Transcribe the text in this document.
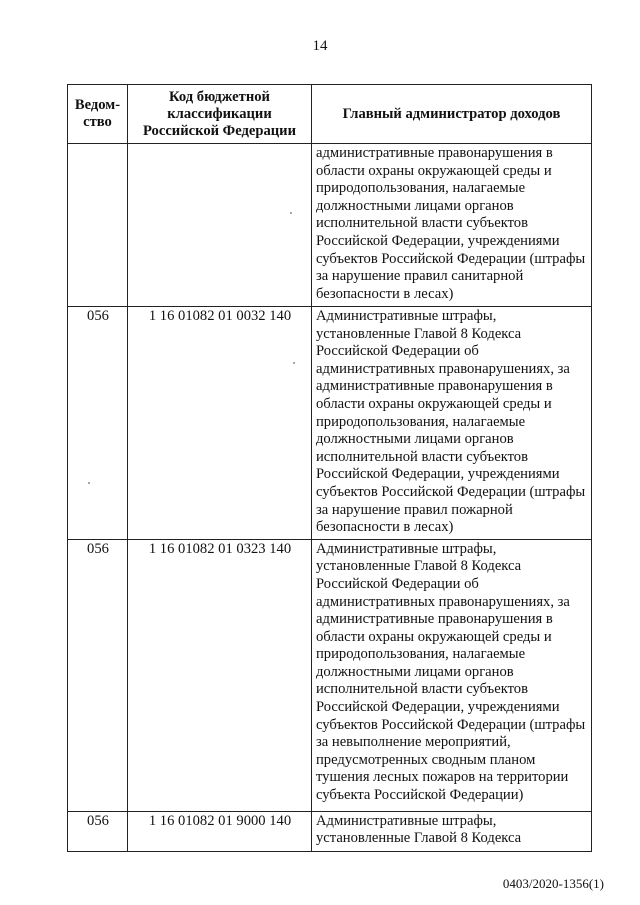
14
Ведом-ство	Код бюджетной классификации Российской Федерации	Главный администратор доходов
		административные правонарушения в области охраны окружающей среды и природопользования, налагаемые должностными лицами органов исполнительной власти субъектов Российской Федерации, учреждениями субъектов Российской Федерации (штрафы за нарушение правил санитарной безопасности в лесах)
056	1 16 01082 01 0032 140	Административные штрафы, установленные Главой 8 Кодекса Российской Федерации об административных правонарушениях, за административные правонарушения в области охраны окружающей среды и природопользования, налагаемые должностными лицами органов исполнительной власти субъектов Российской Федерации, учреждениями субъектов Российской Федерации (штрафы за нарушение правил пожарной безопасности в лесах)
056	1 16 01082 01 0323 140	Административные штрафы, установленные Главой 8 Кодекса Российской Федерации об административных правонарушениях, за административные правонарушения в области охраны окружающей среды и природопользования, налагаемые должностными лицами органов исполнительной власти субъектов Российской Федерации, учреждениями субъектов Российской Федерации (штрафы за невыполнение мероприятий, предусмотренных сводным планом тушения лесных пожаров на территории субъекта Российской Федерации)
056	1 16 01082 01 9000 140	Административные штрафы, установленные Главой 8 Кодекса
0403/2020-1356(1)
